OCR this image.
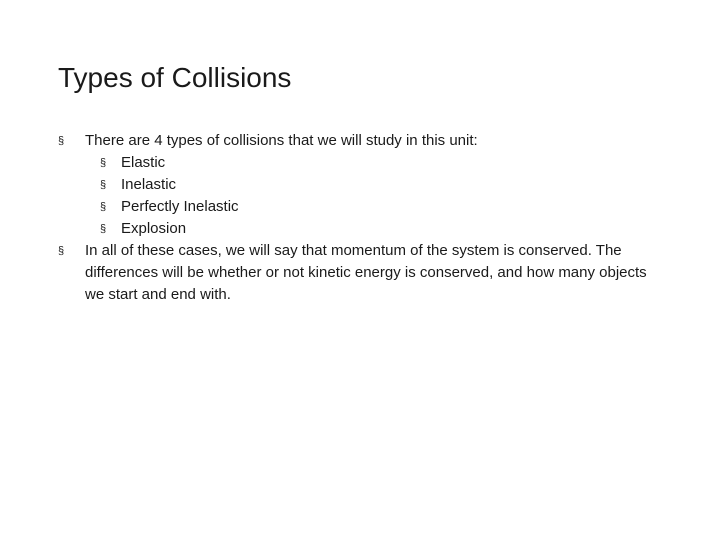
Types of Collisions
§	There are 4 types of collisions that we will study in this unit:
§ Elastic
§ Inelastic
§ Perfectly Inelastic
§ Explosion
§	In all of these cases, we will say that momentum of the system is conserved. The differences will be whether or not kinetic energy is conserved, and how many objects we start and end with.
